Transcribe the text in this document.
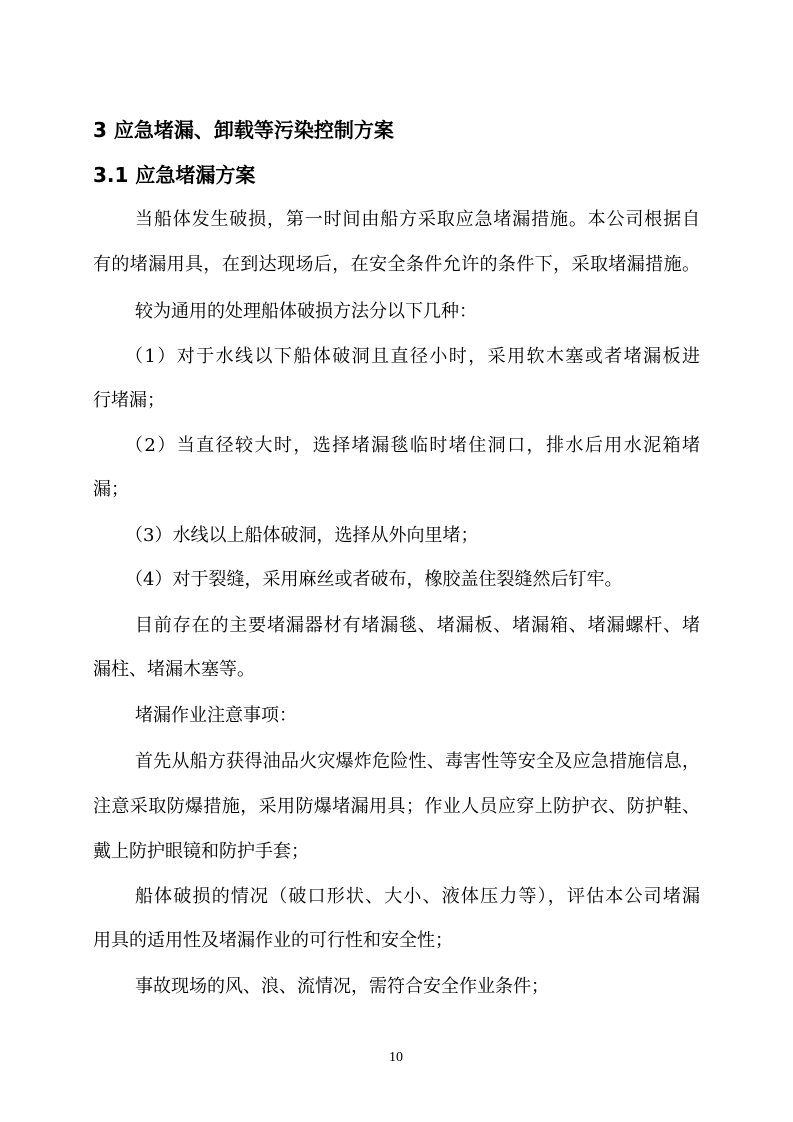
3 应急堵漏、卸载等污染控制方案
3.1 应急堵漏方案
当船体发生破损，第一时间由船方采取应急堵漏措施。本公司根据自
有的堵漏用具，在到达现场后，在安全条件允许的条件下，采取堵漏措施。
较为通用的处理船体破损方法分以下几种：
（1）对于水线以下船体破洞且直径小时，采用软木塞或者堵漏板进
行堵漏；
（2）当直径较大时，选择堵漏毯临时堵住洞口，排水后用水泥箱堵
漏；
（3）水线以上船体破洞，选择从外向里堵；
（4）对于裂缝，采用麻丝或者破布，橡胶盖住裂缝然后钉牢。
目前存在的主要堵漏器材有堵漏毯、堵漏板、堵漏箱、堵漏螺杆、堵
漏柱、堵漏木塞等。
堵漏作业注意事项：
首先从船方获得油品火灾爆炸危险性、毒害性等安全及应急措施信息，
注意采取防爆措施，采用防爆堵漏用具；作业人员应穿上防护衣、防护鞋、
戴上防护眼镜和防护手套；
船体破损的情况（破口形状、大小、液体压力等），评估本公司堵漏
用具的适用性及堵漏作业的可行性和安全性；
事故现场的风、浪、流情况，需符合安全作业条件；
10
